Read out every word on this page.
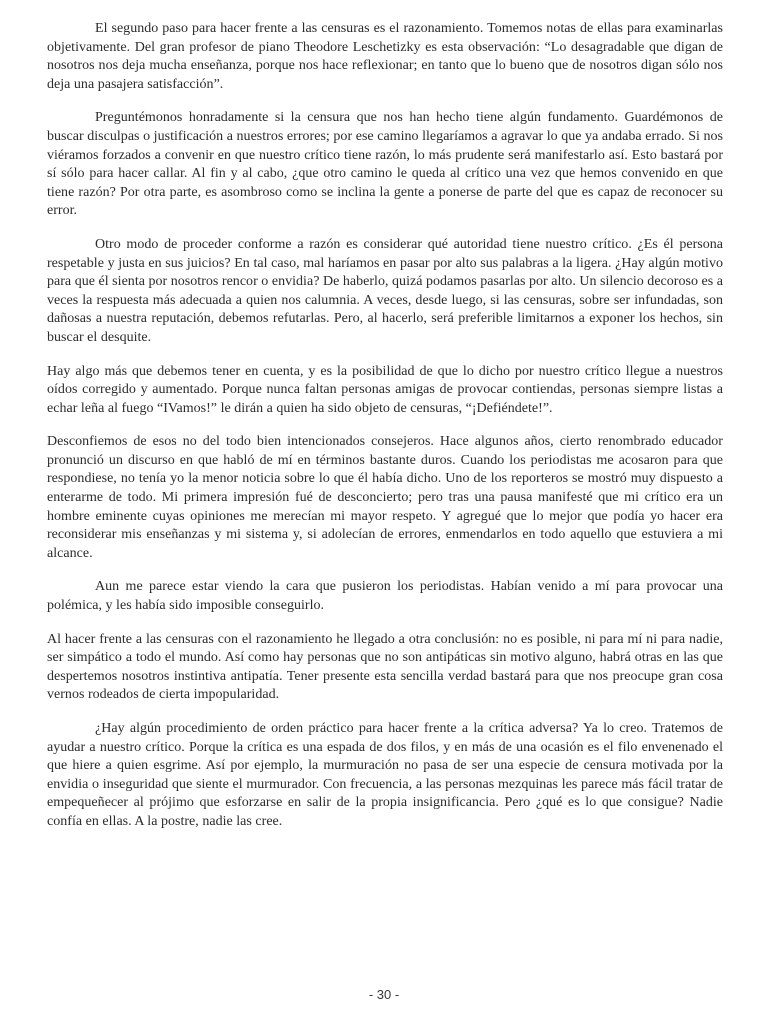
El segundo paso para hacer frente a las censuras es el razonamiento. Tomemos notas de ellas para examinarlas objetivamente. Del gran profesor de piano Theodore Leschetizky es esta observación: “Lo desagradable que digan de nosotros nos deja mucha enseñanza, porque nos hace reflexionar; en tanto que lo bueno que de nosotros digan sólo nos deja una pasajera satisfacción”.

Preguntémonos honradamente si la censura que nos han hecho tiene algún fundamento. Guardémonos de buscar disculpas o justificación a nuestros errores; por ese camino llegaríamos a agravar lo que ya andaba errado. Si nos viéramos forzados a convenir en que nuestro crítico tiene razón, lo más prudente será manifestarlo así. Esto bastará por sí sólo para hacer callar. Al fin y al cabo, ¿que otro camino le queda al crítico una vez que hemos convenido en que tiene razón? Por otra parte, es asombroso como se inclina la gente a ponerse de parte del que es capaz de reconocer su error.

Otro modo de proceder conforme a razón es considerar qué autoridad tiene nuestro crítico. ¿Es él persona respetable y justa en sus juicios? En tal caso, mal haríamos en pasar por alto sus palabras a la ligera. ¿Hay algún motivo para que él sienta por nosotros rencor o envidia? De haberlo, quizá podamos pasarlas por alto. Un silencio decoroso es a veces la respuesta más adecuada a quien nos calumnia. A veces, desde luego, si las censuras, sobre ser infundadas, son dañosas a nuestra reputación, debemos refutarlas. Pero, al hacerlo, será preferible limitarnos a exponer los hechos, sin buscar el desquite.

Hay algo más que debemos tener en cuenta, y es la posibilidad de que lo dicho por nuestro crítico llegue a nuestros oídos corregido y aumentado. Porque nunca faltan personas amigas de provocar contiendas, personas siempre listas a echar leña al fuego “IVamos!” le dirán a quien ha sido objeto de censuras, “¡Defiéndete!”.

Desconfiemos de esos no del todo bien intencionados consejeros. Hace algunos años, cierto renombrado educador pronunció un discurso en que habló de mí en términos bastante duros. Cuando los periodistas me acosaron para que respondiese, no tenía yo la menor noticia sobre lo que él había dicho. Uno de los reporteros se mostró muy dispuesto a enterarme de todo. Mi primera impresión fué de desconcierto; pero tras una pausa manifesté que mi crítico era un hombre eminente cuyas opiniones me merecían mi mayor respeto. Y agregué que lo mejor que podía yo hacer era reconsiderar mis enseñanzas y mi sistema y, si adolecían de errores, enmendarlos en todo aquello que estuviera a mi alcance.

Aun me parece estar viendo la cara que pusieron los periodistas. Habían venido a mí para provocar una polémica, y les había sido imposible conseguirlo.

Al hacer frente a las censuras con el razonamiento he llegado a otra conclusión: no es posible, ni para mí ni para nadie, ser simpático a todo el mundo. Así como hay personas que no son antipáticas sin motivo alguno, habrá otras en las que despertemos nosotros instintiva antipatía. Tener presente esta sencilla verdad bastará para que nos preocupe gran cosa vernos rodeados de cierta impopularidad.

¿Hay algún procedimiento de orden práctico para hacer frente a la crítica adversa? Ya lo creo. Tratemos de ayudar a nuestro crítico. Porque la crítica es una espada de dos filos, y en más de una ocasión es el filo envenenado el que hiere a quien esgrime. Así por ejemplo, la murmuración no pasa de ser una especie de censura motivada por la envidia o inseguridad que siente el murmurador. Con frecuencia, a las personas mezquinas les parece más fácil tratar de empequeñecer al prójimo que esforzarse en salir de la propia insignificancia. Pero ¿qué es lo que consigue? Nadie confía en ellas. A la postre, nadie las cree.

- 30 -
